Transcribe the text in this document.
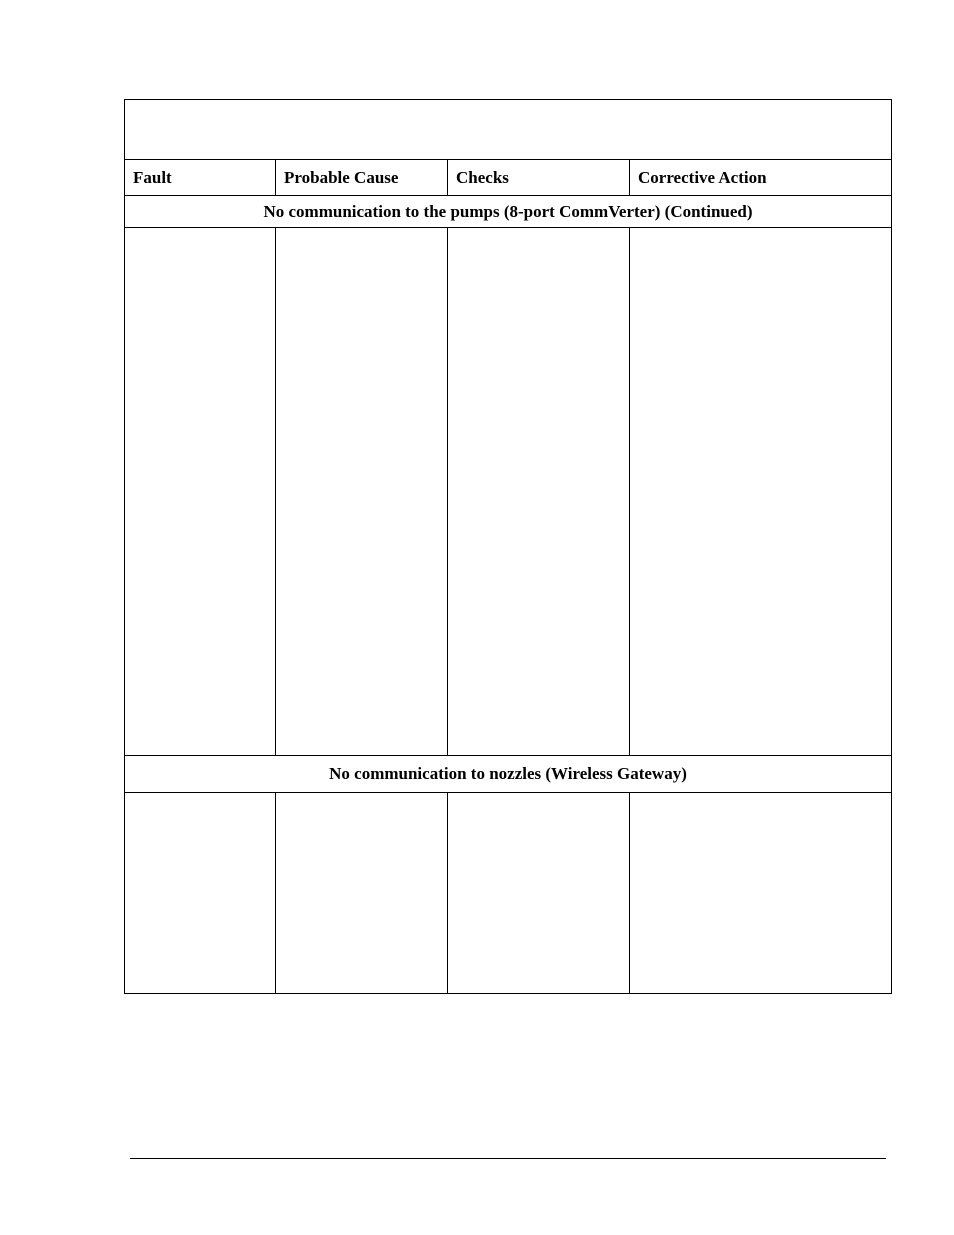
Fault	Probable Cause	Checks	Corrective Action
No communication to the pumps (8-port CommVerter) (Continued)			

No communication to nozzles (Wireless Gateway)			
